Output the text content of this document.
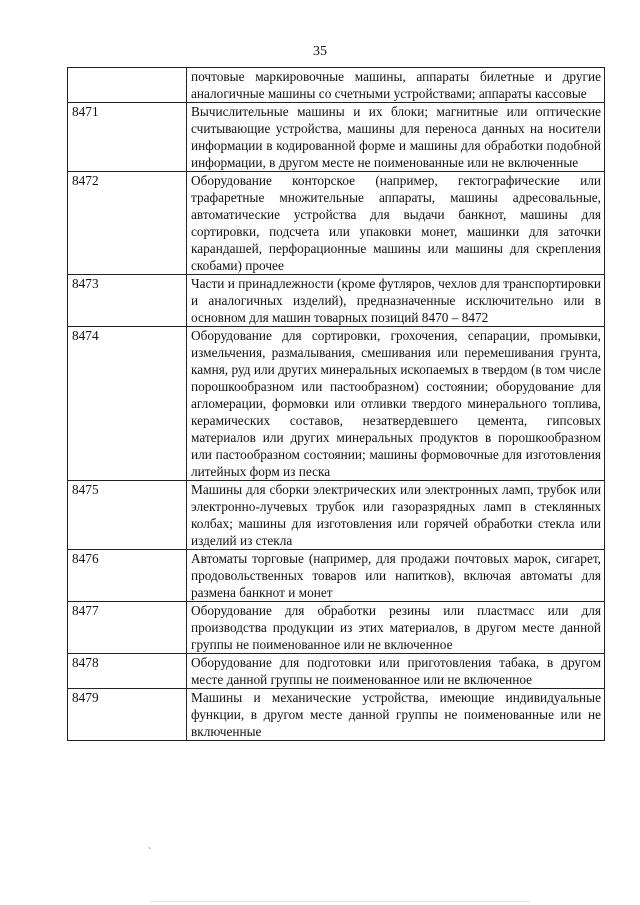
35
	почтовые маркировочные машины, аппараты билетные и другие аналогичные машины со счетными устройствами; аппараты кассовые
8471	Вычислительные машины и их блоки; магнитные или оптические считывающие устройства, машины для переноса данных на носители информации в кодированной форме и машины для обработки подобной информации, в другом месте не поименованные или не включенные
8472	Оборудование конторское (например, гектографические или трафаретные множительные аппараты, машины адресовальные, автоматические устройства для выдачи банкнот, машины для сортировки, подсчета или упаковки монет, машинки для заточки карандашей, перфорационные машины или машины для скрепления скобами) прочее
8473	Части и принадлежности (кроме футляров, чехлов для транспортировки и аналогичных изделий), предназначенные исключительно или в основном для машин товарных позиций 8470 – 8472
8474	Оборудование для сортировки, грохочения, сепарации, промывки, измельчения, размалывания, смешивания или перемешивания грунта, камня, руд или других минеральных ископаемых в твердом (в том числе порошкообразном или пастообразном) состоянии; оборудование для агломерации, формовки или отливки твердого минерального топлива, керамических составов, незатвердевшего цемента, гипсовых материалов или других минеральных продуктов в порошкообразном или пастообразном состоянии; машины формовочные для изготовления литейных форм из песка
8475	Машины для сборки электрических или электронных ламп, трубок или электронно-лучевых трубок или газоразрядных ламп в стеклянных колбах; машины для изготовления или горячей обработки стекла или изделий из стекла
8476	Автоматы торговые (например, для продажи почтовых марок, сигарет, продовольственных товаров или напитков), включая автоматы для размена банкнот и монет
8477	Оборудование для обработки резины или пластмасс или для производства продукции из этих материалов, в другом месте данной группы не поименованное или не включенное
8478	Оборудование для подготовки или приготовления табака, в другом месте данной группы не поименованное или не включенное
8479	Машины и механические устройства, имеющие индивидуальные функции, в другом месте данной группы не поименованные или не включенные
`
